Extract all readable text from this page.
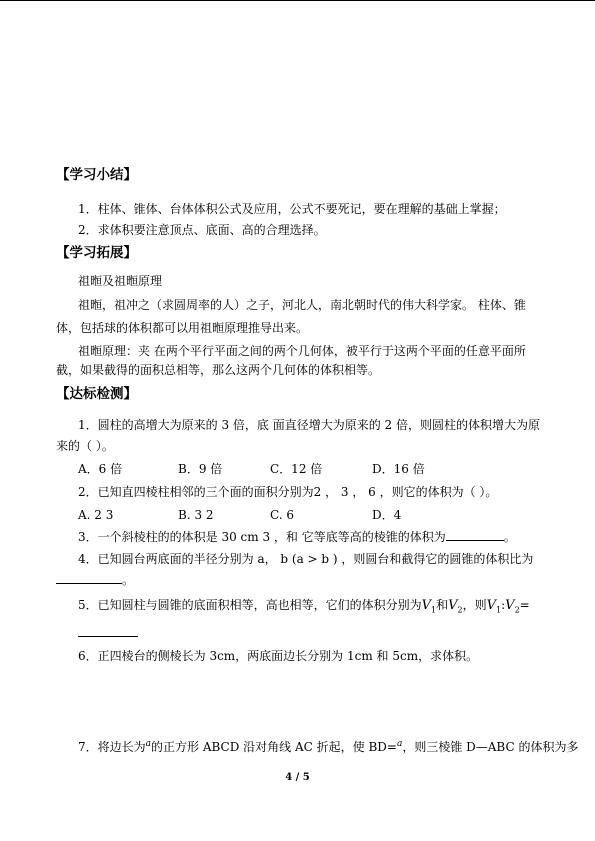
【学习小结】
1．柱体、锥体、台体体积公式及应用，公式不要死记，要在理解的基础上掌握；
2．求体积要注意顶点、底面、高的合理选择。
【学习拓展】
祖暅及祖暅原理
祖暅，祖冲之（求圆周率的人）之子，河北人，南北朝时代的伟大科学家。 柱体、锥
体，包括球的体积都可以用祖暅原理推导出来。
祖暅原理：夹 在两个平行平面之间的两个几何体，被平行于这两个平面的任意平面所
截，如果截得的面积总相等，那么这两个几何体的体积相等。
【达标检测】
1．圆柱的高增大为原来的 3 倍，底 面直径增大为原来的 2 倍，则圆柱的体积增大为原
来的（ ）。
A．6 倍	B．9 倍	C．12 倍	D．16 倍
2．已知直四棱柱相邻的三个面的面积分别为2 ， 3 ， 6 ，则它的体积为（ ）。
A. 2 3	B. 3 2	C. 6	D．4
3．一个斜棱柱的的体积是 30 cm 3 ，和 它等底等高的棱锥的体积为	。
4．已知圆台两底面的半径分别为 a， b (a > b ) ，则圆台和截得它的圆锥的体积比为
。
5．已知圆柱与圆锥的底面积相等，高也相等，它们的体积分别为$V_1$和$V_2$，则$V_1:V_2=$
6．正四棱台的侧棱长为 3cm，两底面边长分别为 1cm 和 5cm，求体积。
7．将边长为$^a$的正方形 ABCD 沿对角线 AC 折起，使 BD=$^a$，则三棱锥 D—ABC 的体积为多
4 / 5
